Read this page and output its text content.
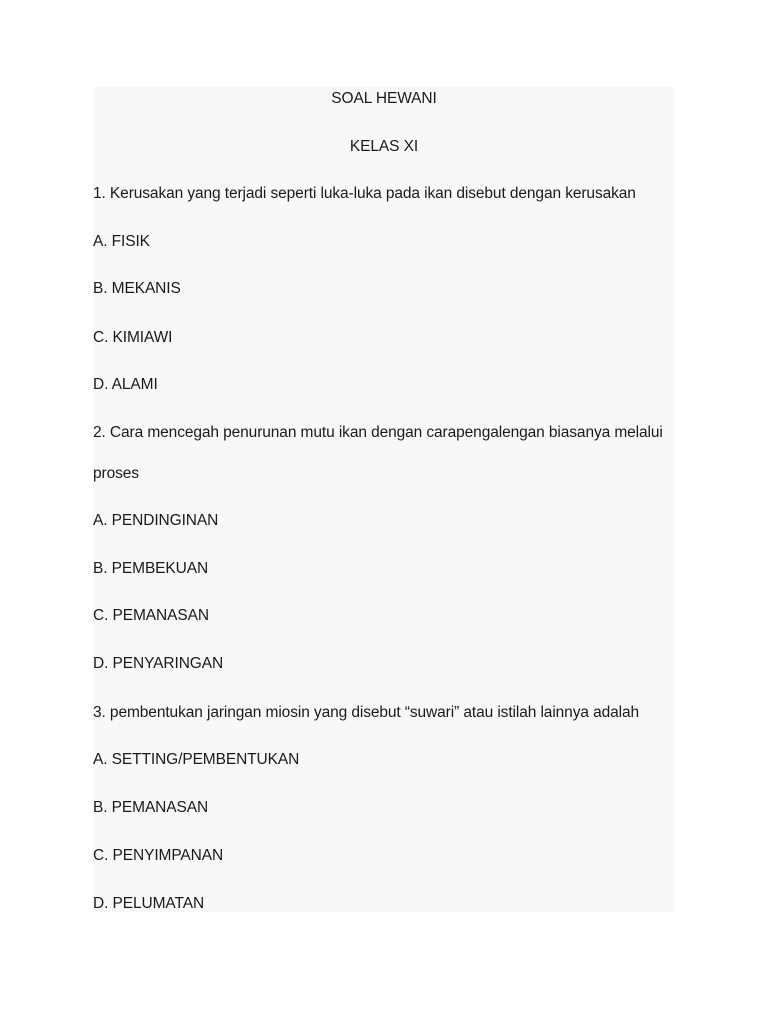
SOAL HEWANI
KELAS XI
1. Kerusakan yang terjadi seperti luka-luka pada ikan disebut dengan kerusakan
A. FISIK
B. MEKANIS
C. KIMIAWI
D. ALAMI
2. Cara mencegah penurunan mutu ikan dengan carapengalengan biasanya melalui
proses
A. PENDINGINAN
B. PEMBEKUAN
C. PEMANASAN
D. PENYARINGAN
3. pembentukan jaringan miosin yang disebut “suwari” atau istilah lainnya adalah
A. SETTING/PEMBENTUKAN
B. PEMANASAN
C. PENYIMPANAN
D. PELUMATAN
